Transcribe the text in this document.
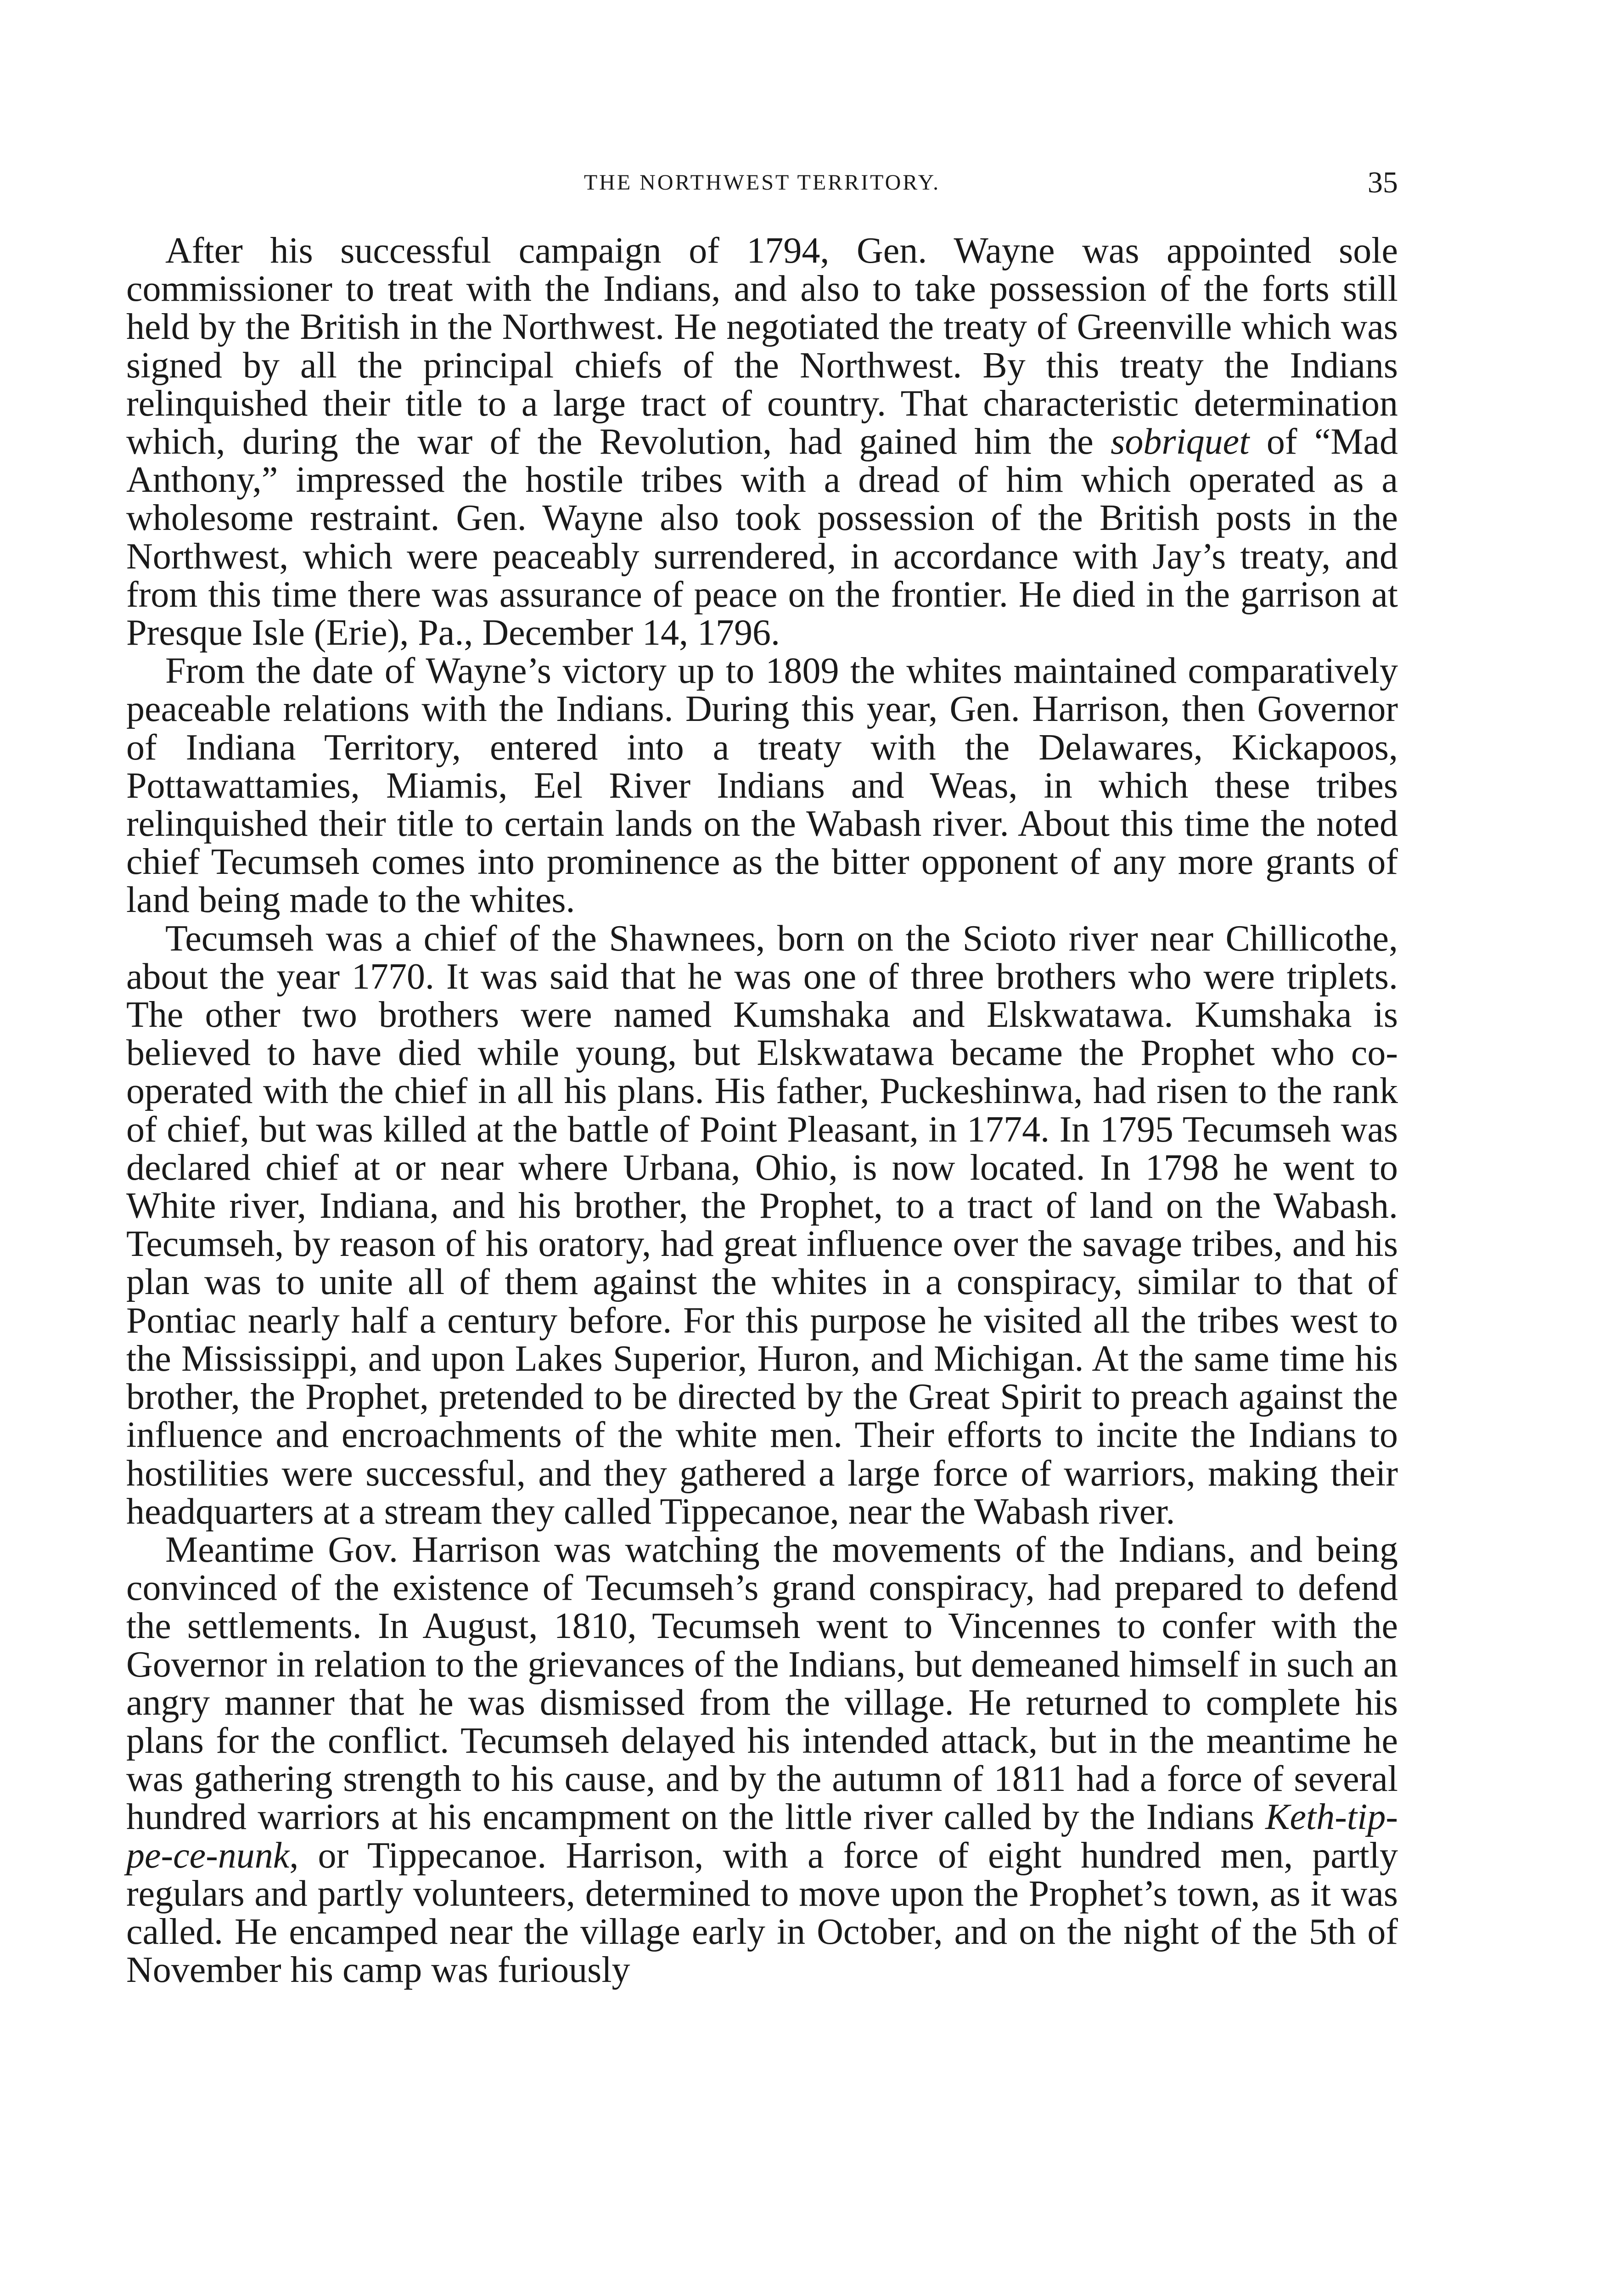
THE NORTHWEST TERRITORY.	35

After his successful campaign of 1794, Gen. Wayne was appointed sole commissioner to treat with the Indians, and also to take possession of the forts still held by the British in the Northwest. He negotiated the treaty of Greenville which was signed by all the principal chiefs of the Northwest. By this treaty the Indians relinquished their title to a large tract of country. That characteristic determination which, during the war of the Revolution, had gained him the sobriquet of “Mad Anthony,” impressed the hostile tribes with a dread of him which operated as a wholesome restraint. Gen. Wayne also took possession of the British posts in the Northwest, which were peaceably surrendered, in accordance with Jay’s treaty, and from this time there was assurance of peace on the frontier. He died in the garrison at Presque Isle (Erie), Pa., December 14, 1796.

From the date of Wayne’s victory up to 1809 the whites maintained comparatively peaceable relations with the Indians. During this year, Gen. Harrison, then Governor of Indiana Territory, entered into a treaty with the Delawares, Kickapoos, Pottawattamies, Miamis, Eel River Indians and Weas, in which these tribes relinquished their title to certain lands on the Wabash river. About this time the noted chief Tecumseh comes into prominence as the bitter opponent of any more grants of land being made to the whites.

Tecumseh was a chief of the Shawnees, born on the Scioto river near Chillicothe, about the year 1770. It was said that he was one of three brothers who were triplets. The other two brothers were named Kumshaka and Elskwatawa. Kumshaka is believed to have died while young, but Elskwatawa became the Prophet who co-operated with the chief in all his plans. His father, Puckeshinwa, had risen to the rank of chief, but was killed at the battle of Point Pleasant, in 1774. In 1795 Tecumseh was declared chief at or near where Urbana, Ohio, is now located. In 1798 he went to White river, Indiana, and his brother, the Prophet, to a tract of land on the Wabash. Tecumseh, by reason of his oratory, had great influence over the savage tribes, and his plan was to unite all of them against the whites in a conspiracy, similar to that of Pontiac nearly half a century before. For this purpose he visited all the tribes west to the Mississippi, and upon Lakes Superior, Huron, and Michigan. At the same time his brother, the Prophet, pretended to be directed by the Great Spirit to preach against the influence and encroachments of the white men. Their efforts to incite the Indians to hostilities were successful, and they gathered a large force of warriors, making their headquarters at a stream they called Tippecanoe, near the Wabash river.

Meantime Gov. Harrison was watching the movements of the Indians, and being convinced of the existence of Tecumseh’s grand conspiracy, had prepared to defend the settlements. In August, 1810, Tecumseh went to Vincennes to confer with the Governor in relation to the grievances of the Indians, but demeaned himself in such an angry manner that he was dismissed from the village. He returned to complete his plans for the conflict. Tecumseh delayed his intended attack, but in the meantime he was gathering strength to his cause, and by the autumn of 1811 had a force of several hundred warriors at his encampment on the little river called by the Indians Keth-tip-pe-ce-nunk, or Tippecanoe. Harrison, with a force of eight hundred men, partly regulars and partly volunteers, determined to move upon the Prophet’s town, as it was called. He encamped near the village early in October, and on the night of the 5th of November his camp was furiously
